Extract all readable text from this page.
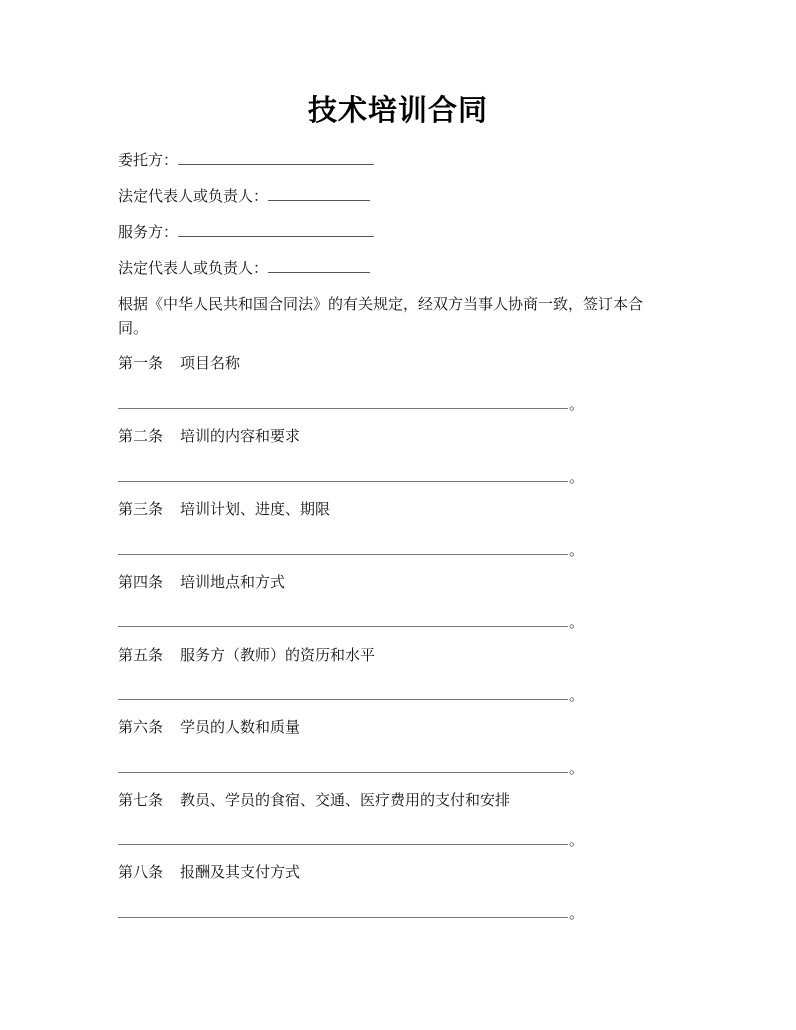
技术培训合同
委托方：
法定代表人或负责人：
服务方：
法定代表人或负责人：
根据《中华人民共和国合同法》的有关规定，经双方当事人协商一致，签订本合同。
第一条 项目名称
。
第二条 培训的内容和要求
。
第三条 培训计划、进度、期限
。
第四条 培训地点和方式
。
第五条 服务方（教师）的资历和水平
。
第六条 学员的人数和质量
。
第七条 教员、学员的食宿、交通、医疗费用的支付和安排
。
第八条 报酬及其支付方式
。
